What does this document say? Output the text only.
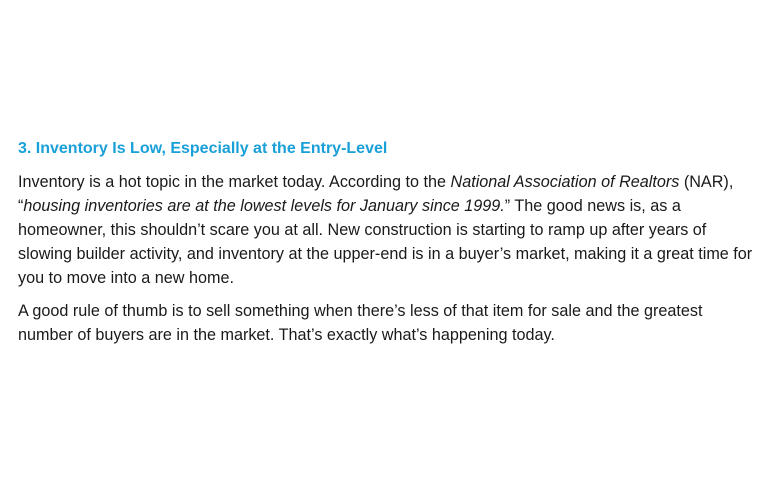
3. Inventory Is Low, Especially at the Entry-Level

Inventory is a hot topic in the market today. According to the National Association of Realtors (NAR), “housing inventories are at the lowest levels for January since 1999.” The good news is, as a homeowner, this shouldn’t scare you at all. New construction is starting to ramp up after years of slowing builder activity, and inventory at the upper-end is in a buyer’s market, making it a great time for you to move into a new home.

A good rule of thumb is to sell something when there’s less of that item for sale and the greatest number of buyers are in the market. That’s exactly what’s happening today.
